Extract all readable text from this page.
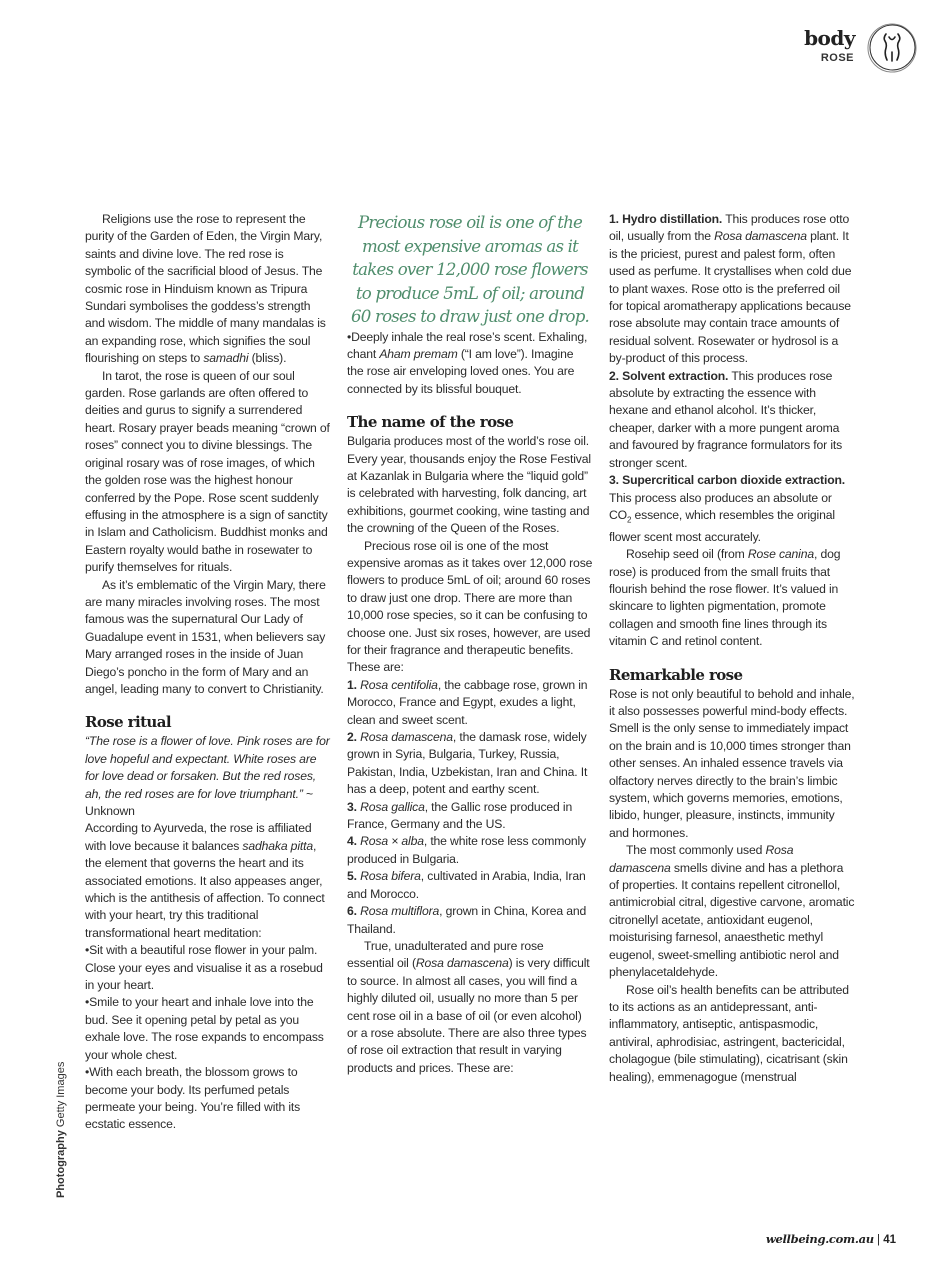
body
ROSE

Religions use the rose to represent the purity of the Garden of Eden, the Virgin Mary, saints and divine love. The red rose is symbolic of the sacrificial blood of Jesus. The cosmic rose in Hinduism known as Tripura Sundari symbolises the goddess’s strength and wisdom. The middle of many mandalas is an expanding rose, which signifies the soul flourishing on steps to samadhi (bliss).

In tarot, the rose is queen of our soul garden. Rose garlands are often offered to deities and gurus to signify a surrendered heart. Rosary prayer beads meaning “crown of roses” connect you to divine blessings. The original rosary was of rose images, of which the golden rose was the highest honour conferred by the Pope. Rose scent suddenly effusing in the atmosphere is a sign of sanctity in Islam and Catholicism. Buddhist monks and Eastern royalty would bathe in rosewater to purify themselves for rituals.

As it’s emblematic of the Virgin Mary, there are many miracles involving roses. The most famous was the supernatural Our Lady of Guadalupe event in 1531, when believers say Mary arranged roses in the inside of Juan Diego’s poncho in the form of Mary and an angel, leading many to convert to Christianity.

Rose ritual

“The rose is a flower of love. Pink roses are for love hopeful and expectant. White roses are for love dead or forsaken. But the red roses, ah, the red roses are for love triumphant.” ~ Unknown

According to Ayurveda, the rose is affiliated with love because it balances sadhaka pitta, the element that governs the heart and its associated emotions. It also appeases anger, which is the antithesis of affection. To connect with your heart, try this traditional transformational heart meditation:

•Sit with a beautiful rose flower in your palm. Close your eyes and visualise it as a rosebud in your heart.

•Smile to your heart and inhale love into the bud. See it opening petal by petal as you exhale love. The rose expands to encompass your whole chest.

•With each breath, the blossom grows to become your body. Its perfumed petals permeate your being. You’re filled with its ecstatic essence.

Precious rose oil is one of the most expensive aromas as it takes over 12,000 rose flowers to produce 5mL of oil; around 60 roses to draw just one drop.

•Deeply inhale the real rose’s scent. Exhaling, chant Aham premam (“I am love”). Imagine the rose air enveloping loved ones. You are connected by its blissful bouquet.

The name of the rose

Bulgaria produces most of the world’s rose oil. Every year, thousands enjoy the Rose Festival at Kazanlak in Bulgaria where the “liquid gold” is celebrated with harvesting, folk dancing, art exhibitions, gourmet cooking, wine tasting and the crowning of the Queen of the Roses.

Precious rose oil is one of the most expensive aromas as it takes over 12,000 rose flowers to produce 5mL of oil; around 60 roses to draw just one drop. There are more than 10,000 rose species, so it can be confusing to choose one. Just six roses, however, are used for their fragrance and therapeutic benefits. These are:

1. Rosa centifolia, the cabbage rose, grown in Morocco, France and Egypt, exudes a light, clean and sweet scent.

2. Rosa damascena, the damask rose, widely grown in Syria, Bulgaria, Turkey, Russia, Pakistan, India, Uzbekistan, Iran and China. It has a deep, potent and earthy scent.

3. Rosa gallica, the Gallic rose produced in France, Germany and the US.

4. Rosa × alba, the white rose less commonly produced in Bulgaria.

5. Rosa bifera, cultivated in Arabia, India, Iran and Morocco.

6. Rosa multiflora, grown in China, Korea and Thailand.

True, unadulterated and pure rose essential oil (Rosa damascena) is very difficult to source. In almost all cases, you will find a highly diluted oil, usually no more than 5 per cent rose oil in a base of oil (or even alcohol) or a rose absolute. There are also three types of rose oil extraction that result in varying products and prices. These are:

1. Hydro distillation. This produces rose otto oil, usually from the Rosa damascena plant. It is the priciest, purest and palest form, often used as perfume. It crystallises when cold due to plant waxes. Rose otto is the preferred oil for topical aromatherapy applications because rose absolute may contain trace amounts of residual solvent. Rosewater or hydrosol is a by-product of this process.

2. Solvent extraction. This produces rose absolute by extracting the essence with hexane and ethanol alcohol. It’s thicker, cheaper, darker with a more pungent aroma and favoured by fragrance formulators for its stronger scent.

3. Supercritical carbon dioxide extraction. This process also produces an absolute or $CO_2$ essence, which resembles the original flower scent most accurately.

Rosehip seed oil (from Rose canina, dog rose) is produced from the small fruits that flourish behind the rose flower. It’s valued in skincare to lighten pigmentation, promote collagen and smooth fine lines through its vitamin C and retinol content.

Remarkable rose

Rose is not only beautiful to behold and inhale, it also possesses powerful mind-body effects. Smell is the only sense to immediately impact on the brain and is 10,000 times stronger than other senses. An inhaled essence travels via olfactory nerves directly to the brain’s limbic system, which governs memories, emotions, libido, hunger, pleasure, instincts, immunity and hormones.

The most commonly used Rosa damascena smells divine and has a plethora of properties. It contains repellent citronellol, antimicrobial citral, digestive carvone, aromatic citronellyl acetate, antioxidant eugenol, moisturising farnesol, anaesthetic methyl eugenol, sweet-smelling antibiotic nerol and phenylacetaldehyde.

Rose oil’s health benefits can be attributed to its actions as an antidepressant, anti-inflammatory, antiseptic, antispasmodic, antiviral, aphrodisiac, astringent, bactericidal, cholagogue (bile stimulating), cicatrisant (skin healing), emmenagogue (menstrual

Photography Getty Images
wellbeing.com.au | 41
